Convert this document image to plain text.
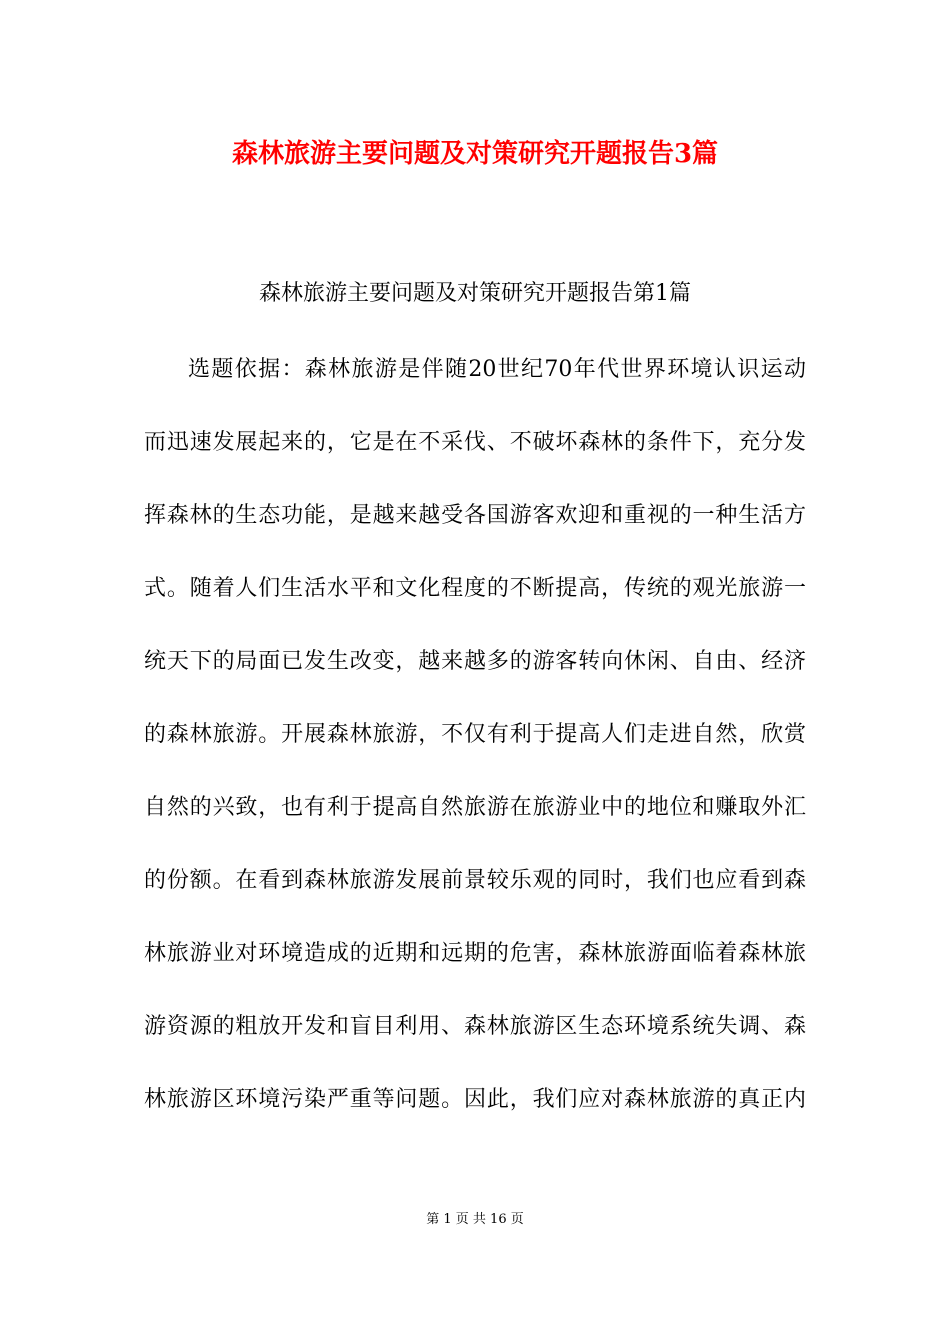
森林旅游主要问题及对策研究开题报告3篇
森林旅游主要问题及对策研究开题报告第1篇
选题依据：森林旅游是伴随20世纪70年代世界环境认识运动
而迅速发展起来的，它是在不采伐、不破坏森林的条件下，充分发
挥森林的生态功能，是越来越受各国游客欢迎和重视的一种生活方
式。随着人们生活水平和文化程度的不断提高，传统的观光旅游一
统天下的局面已发生改变，越来越多的游客转向休闲、自由、经济
的森林旅游。开展森林旅游，不仅有利于提高人们走进自然，欣赏
自然的兴致，也有利于提高自然旅游在旅游业中的地位和赚取外汇
的份额。在看到森林旅游发展前景较乐观的同时，我们也应看到森
林旅游业对环境造成的近期和远期的危害，森林旅游面临着森林旅
游资源的粗放开发和盲目利用、森林旅游区生态环境系统失调、森
林旅游区环境污染严重等问题。因此，我们应对森林旅游的真正内
第 1 页 共 16 页
